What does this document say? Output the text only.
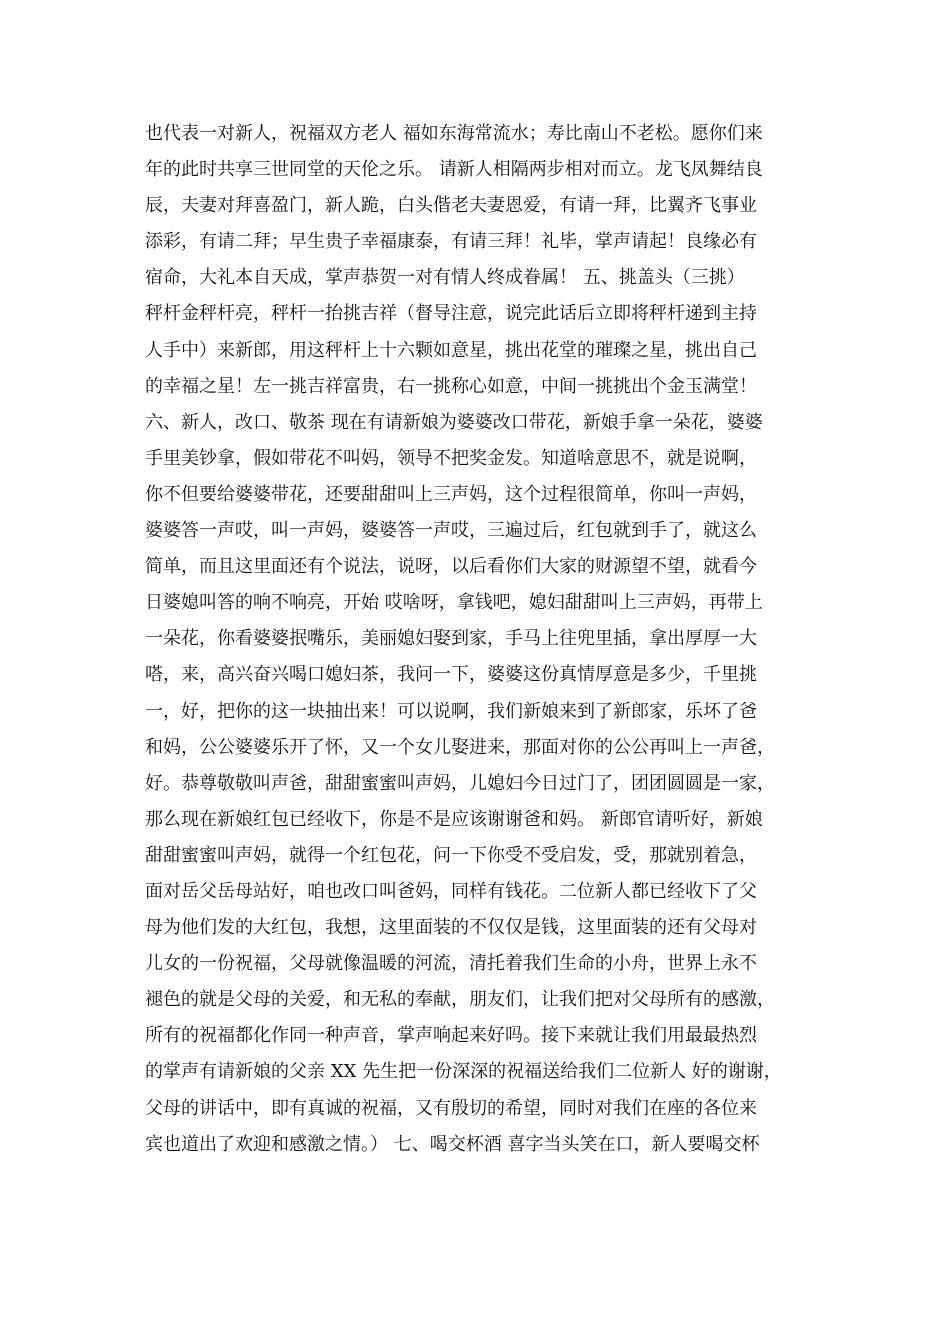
也代表一对新人，祝福双方老人 福如东海常流水；寿比南山不老松。愿你们来
年的此时共享三世同堂的天伦之乐。 请新人相隔两步相对而立。龙飞凤舞结良
辰，夫妻对拜喜盈门，新人跪，白头偕老夫妻恩爱，有请一拜，比翼齐飞事业
添彩，有请二拜；早生贵子幸福康泰，有请三拜！礼毕，掌声请起！良缘必有
宿命，大礼本自天成，掌声恭贺一对有情人终成眷属！ 五、挑盖头（三挑）
秤杆金秤杆亮，秤杆一抬挑吉祥（督导注意，说完此话后立即将秤杆递到主持
人手中）来新郎，用这秤杆上十六颗如意星，挑出花堂的璀璨之星，挑出自己
的幸福之星！左一挑吉祥富贵，右一挑称心如意，中间一挑挑出个金玉满堂！
六、新人，改口、敬茶 现在有请新娘为婆婆改口带花，新娘手拿一朵花，婆婆
手里美钞拿，假如带花不叫妈，领导不把奖金发。知道啥意思不，就是说啊，
你不但要给婆婆带花，还要甜甜叫上三声妈，这个过程很简单，你叫一声妈，
婆婆答一声哎，叫一声妈，婆婆答一声哎，三遍过后，红包就到手了，就这么
简单，而且这里面还有个说法，说呀，以后看你们大家的财源望不望，就看今
日婆媳叫答的响不响亮，开始 哎啥呀，拿钱吧，媳妇甜甜叫上三声妈，再带上
一朵花，你看婆婆抿嘴乐，美丽媳妇娶到家，手马上往兜里插，拿出厚厚一大
嗒，来，高兴奋兴喝口媳妇茶，我问一下，婆婆这份真情厚意是多少，千里挑
一，好，把你的这一块抽出来！可以说啊，我们新娘来到了新郎家，乐坏了爸
和妈，公公婆婆乐开了怀，又一个女儿娶进来，那面对你的公公再叫上一声爸，
好。恭尊敬敬叫声爸，甜甜蜜蜜叫声妈，儿媳妇今日过门了，团团圆圆是一家，
那么现在新娘红包已经收下，你是不是应该谢谢爸和妈。 新郎官请听好，新娘
甜甜蜜蜜叫声妈，就得一个红包花，问一下你受不受启发，受，那就别着急，
面对岳父岳母站好，咱也改口叫爸妈，同样有钱花。二位新人都已经收下了父
母为他们发的大红包，我想，这里面装的不仅仅是钱，这里面装的还有父母对
儿女的一份祝福，父母就像温暖的河流，清托着我们生命的小舟，世界上永不
褪色的就是父母的关爱，和无私的奉献，朋友们，让我们把对父母所有的感激，
所有的祝福都化作同一种声音，掌声响起来好吗。接下来就让我们用最最热烈
的掌声有请新娘的父亲 XX 先生把一份深深的祝福送给我们二位新人 好的谢谢，
父母的讲话中，即有真诚的祝福，又有殷切的希望，同时对我们在座的各位来
宾也道出了欢迎和感激之情。） 七、喝交杯酒 喜字当头笑在口，新人要喝交杯
